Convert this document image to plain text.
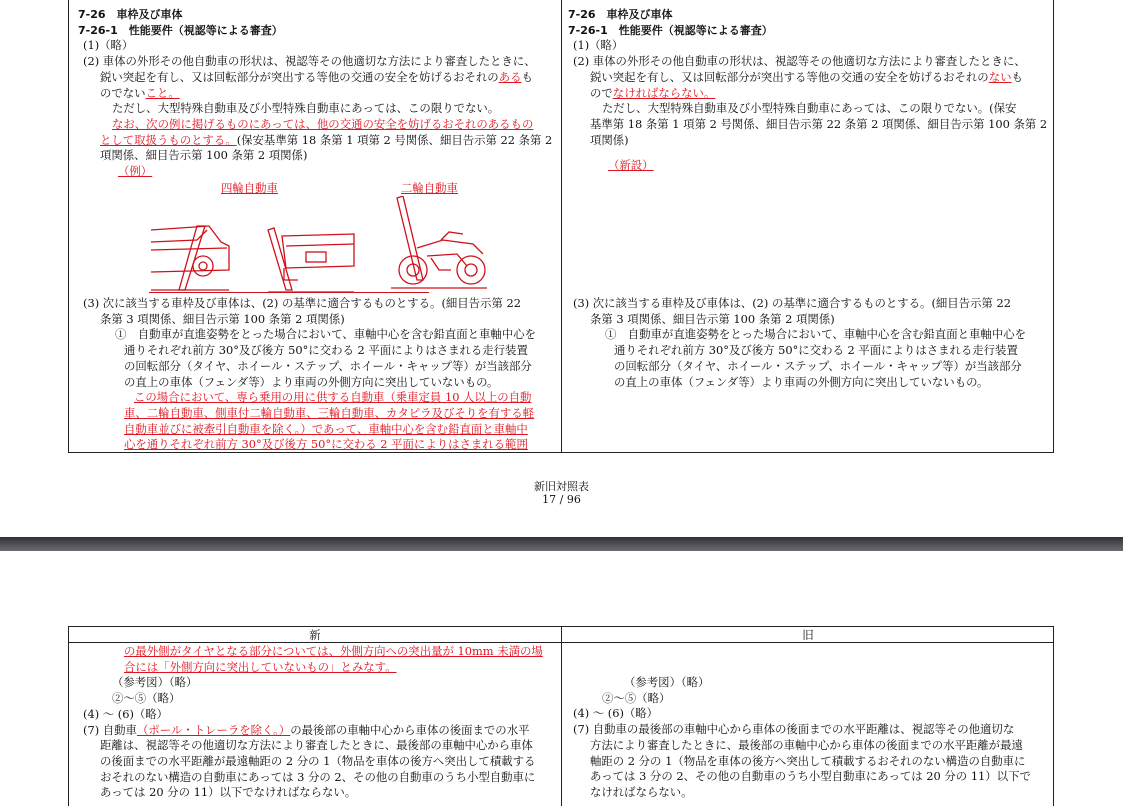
7-26　車枠及び車体

7-26-1　性能要件（視認等による審査）

(1)（略）

(2) 車体の外形その他自動車の形状は、視認等その他適切な方法により審査したときに、

鋭い突起を有し、又は回転部分が突出する等他の交通の安全を妨げるおそれのあるも

のでないこと。

ただし、大型特殊自動車及び小型特殊自動車にあっては、この限りでない。

なお、次の例に掲げるものにあっては、他の交通の安全を妨げるおそれのあるもの

として取扱うものとする。(保安基準第 18 条第 1 項第 2 号関係、細目告示第 22 条第 2

項関係、細目告示第 100 条第 2 項関係)

（例）

四輪自動車	二輪自動車

(3) 次に該当する車枠及び車体は、(2) の基準に適合するものとする。(細目告示第 22

条第 3 項関係、細目告示第 100 条第 2 項関係)

①　自動車が直進姿勢をとった場合において、車軸中心を含む鉛直面と車軸中心を

通りそれぞれ前方 30°及び後方 50°に交わる 2 平面によりはさまれる走行装置

の回転部分（タイヤ、ホイール・ステップ、ホイール・キャップ等）が当該部分

の直上の車体（フェンダ等）より車両の外側方向に突出していないもの。

この場合において、専ら乗用の用に供する自動車（乗車定員 10 人以上の自動

車、二輪自動車、側車付二輪自動車、三輪自動車、カタピラ及びそりを有する軽

自動車並びに被牽引自動車を除く。）であって、車軸中心を含む鉛直面と車軸中

心を通りそれぞれ前方 30°及び後方 50°に交わる 2 平面によりはさまれる範囲

7-26　車枠及び車体

7-26-1　性能要件（視認等による審査）

(1)（略）

(2) 車体の外形その他自動車の形状は、視認等その他適切な方法により審査したときに、

鋭い突起を有し、又は回転部分が突出する等他の交通の安全を妨げるおそれのないも

のでなければならない。

ただし、大型特殊自動車及び小型特殊自動車にあっては、この限りでない。(保安

基準第 18 条第 1 項第 2 号関係、細目告示第 22 条第 2 項関係、細目告示第 100 条第 2

項関係)

（新設）

(3) 次に該当する車枠及び車体は、(2) の基準に適合するものとする。(細目告示第 22

条第 3 項関係、細目告示第 100 条第 2 項関係)

①　自動車が直進姿勢をとった場合において、車軸中心を含む鉛直面と車軸中心を

通りそれぞれ前方 30°及び後方 50°に交わる 2 平面によりはさまれる走行装置

の回転部分（タイヤ、ホイール・ステップ、ホイール・キャップ等）が当該部分

の直上の車体（フェンダ等）より車両の外側方向に突出していないもの。

新旧対照表
17 / 96
新	旧

の最外側がタイヤとなる部分については、外側方向への突出量が 10mm 未満の場

合には「外側方向に突出していないもの」とみなす。

（参考図）（略）

②～⑤（略）

(4) ～ (6)（略）

(7) 自動車（ポール・トレーラを除く。）の最後部の車軸中心から車体の後面までの水平

距離は、視認等その他適切な方法により審査したときに、最後部の車軸中心から車体

の後面までの水平距離が最遠軸距の 2 分の 1（物品を車体の後方へ突出して積載する

おそれのない構造の自動車にあっては 3 分の 2、その他の自動車のうち小型自動車に

あっては 20 分の 11）以下でなければならない。

（参考図）（略）

②～⑤（略）

(4) ～ (6)（略）

(7) 自動車の最後部の車軸中心から車体の後面までの水平距離は、視認等その他適切な

方法により審査したときに、最後部の車軸中心から車体の後面までの水平距離が最遠

軸距の 2 分の 1（物品を車体の後方へ突出して積載するおそれのない構造の自動車に

あっては 3 分の 2、その他の自動車のうち小型自動車にあっては 20 分の 11）以下で

なければならない。
